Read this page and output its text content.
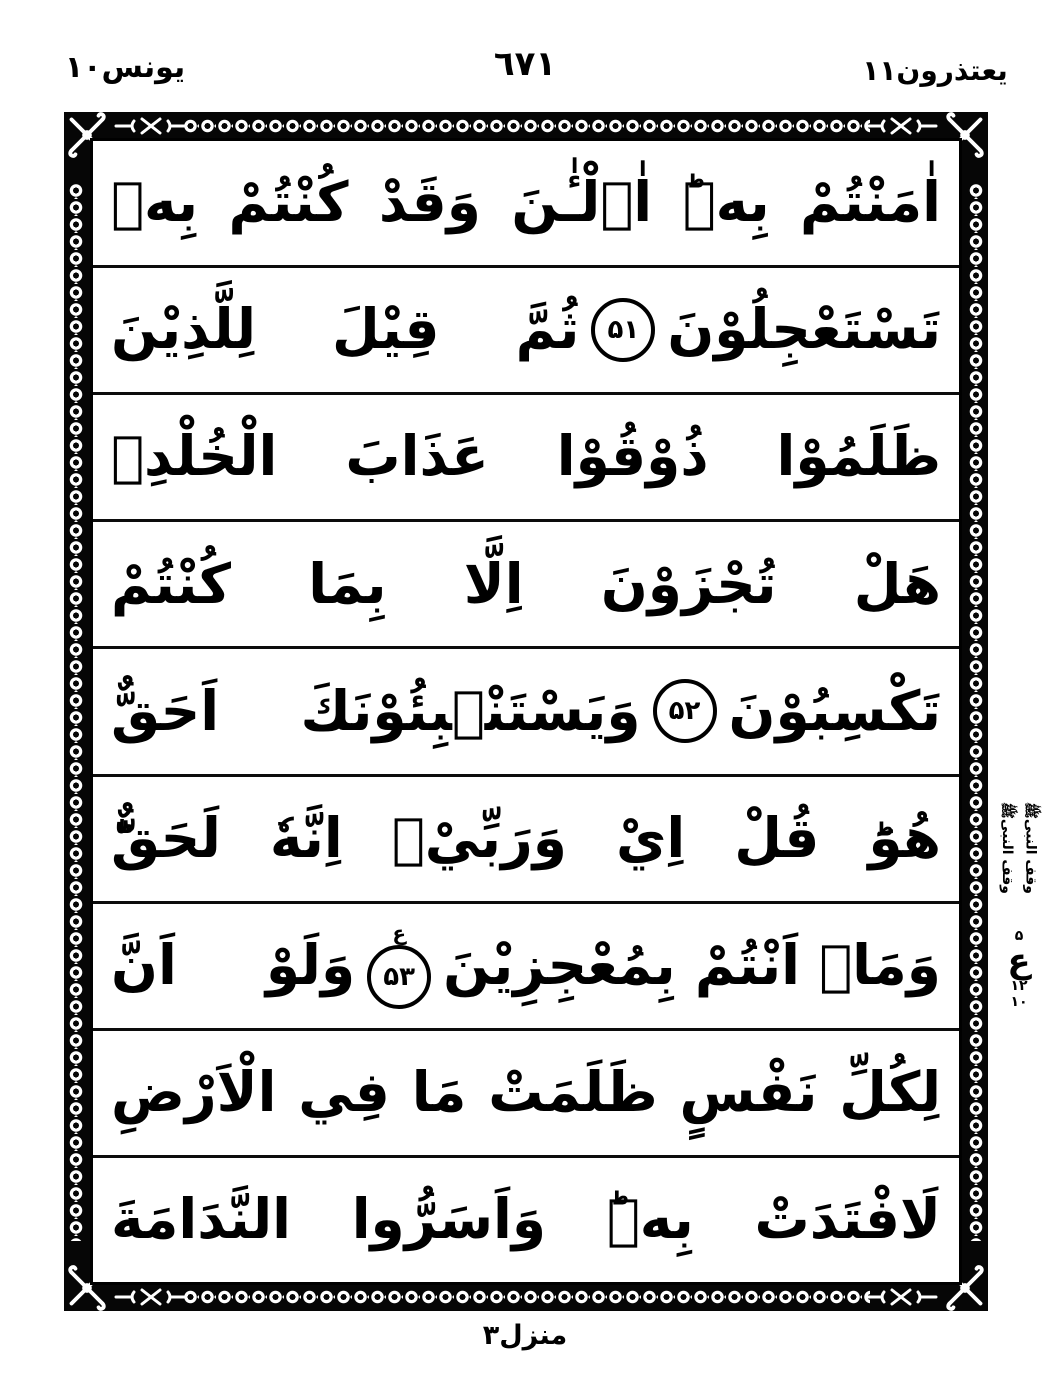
يونس١٠	٦٧١	يعتذرون١١
اٰمَنْتُمْ بِهٖؕ اٰۤلْـٰٔنَ وَقَدْ كُنْتُمْ بِهٖ
تَسْتَعْجِلُوْنَ
۵۱
ثُمَّ قِيْلَ لِلَّذِيْنَ
ظَلَمُوْا ذُوْقُوْا عَذَابَ الْخُلْدِۚ
هَلْ تُجْزَوْنَ اِلَّا بِمَا كُنْتُمْ
تَكْسِبُوْنَ
۵۲
وَيَسْتَنْۢبِئُوْنَكَ اَحَقٌّ
هُوَؕ قُلْ اِيْ وَرَبِّيْۤ اِنَّهٗ لَحَقٌّؕ
وَمَاۤ اَنْتُمْ بِمُعْجِزِيْنَ
ع
۵۳
وَلَوْ اَنَّ
لِكُلِّ نَفْسٍ ظَلَمَتْ مَا فِي الْاَرْضِ
لَافْتَدَتْ بِهٖؕ وَاَسَرُّوا النَّدَامَةَ
وقف النبیﷺ
وقف النبیﷺ
۵
ع
۱۲
۱۰
منزل٣
